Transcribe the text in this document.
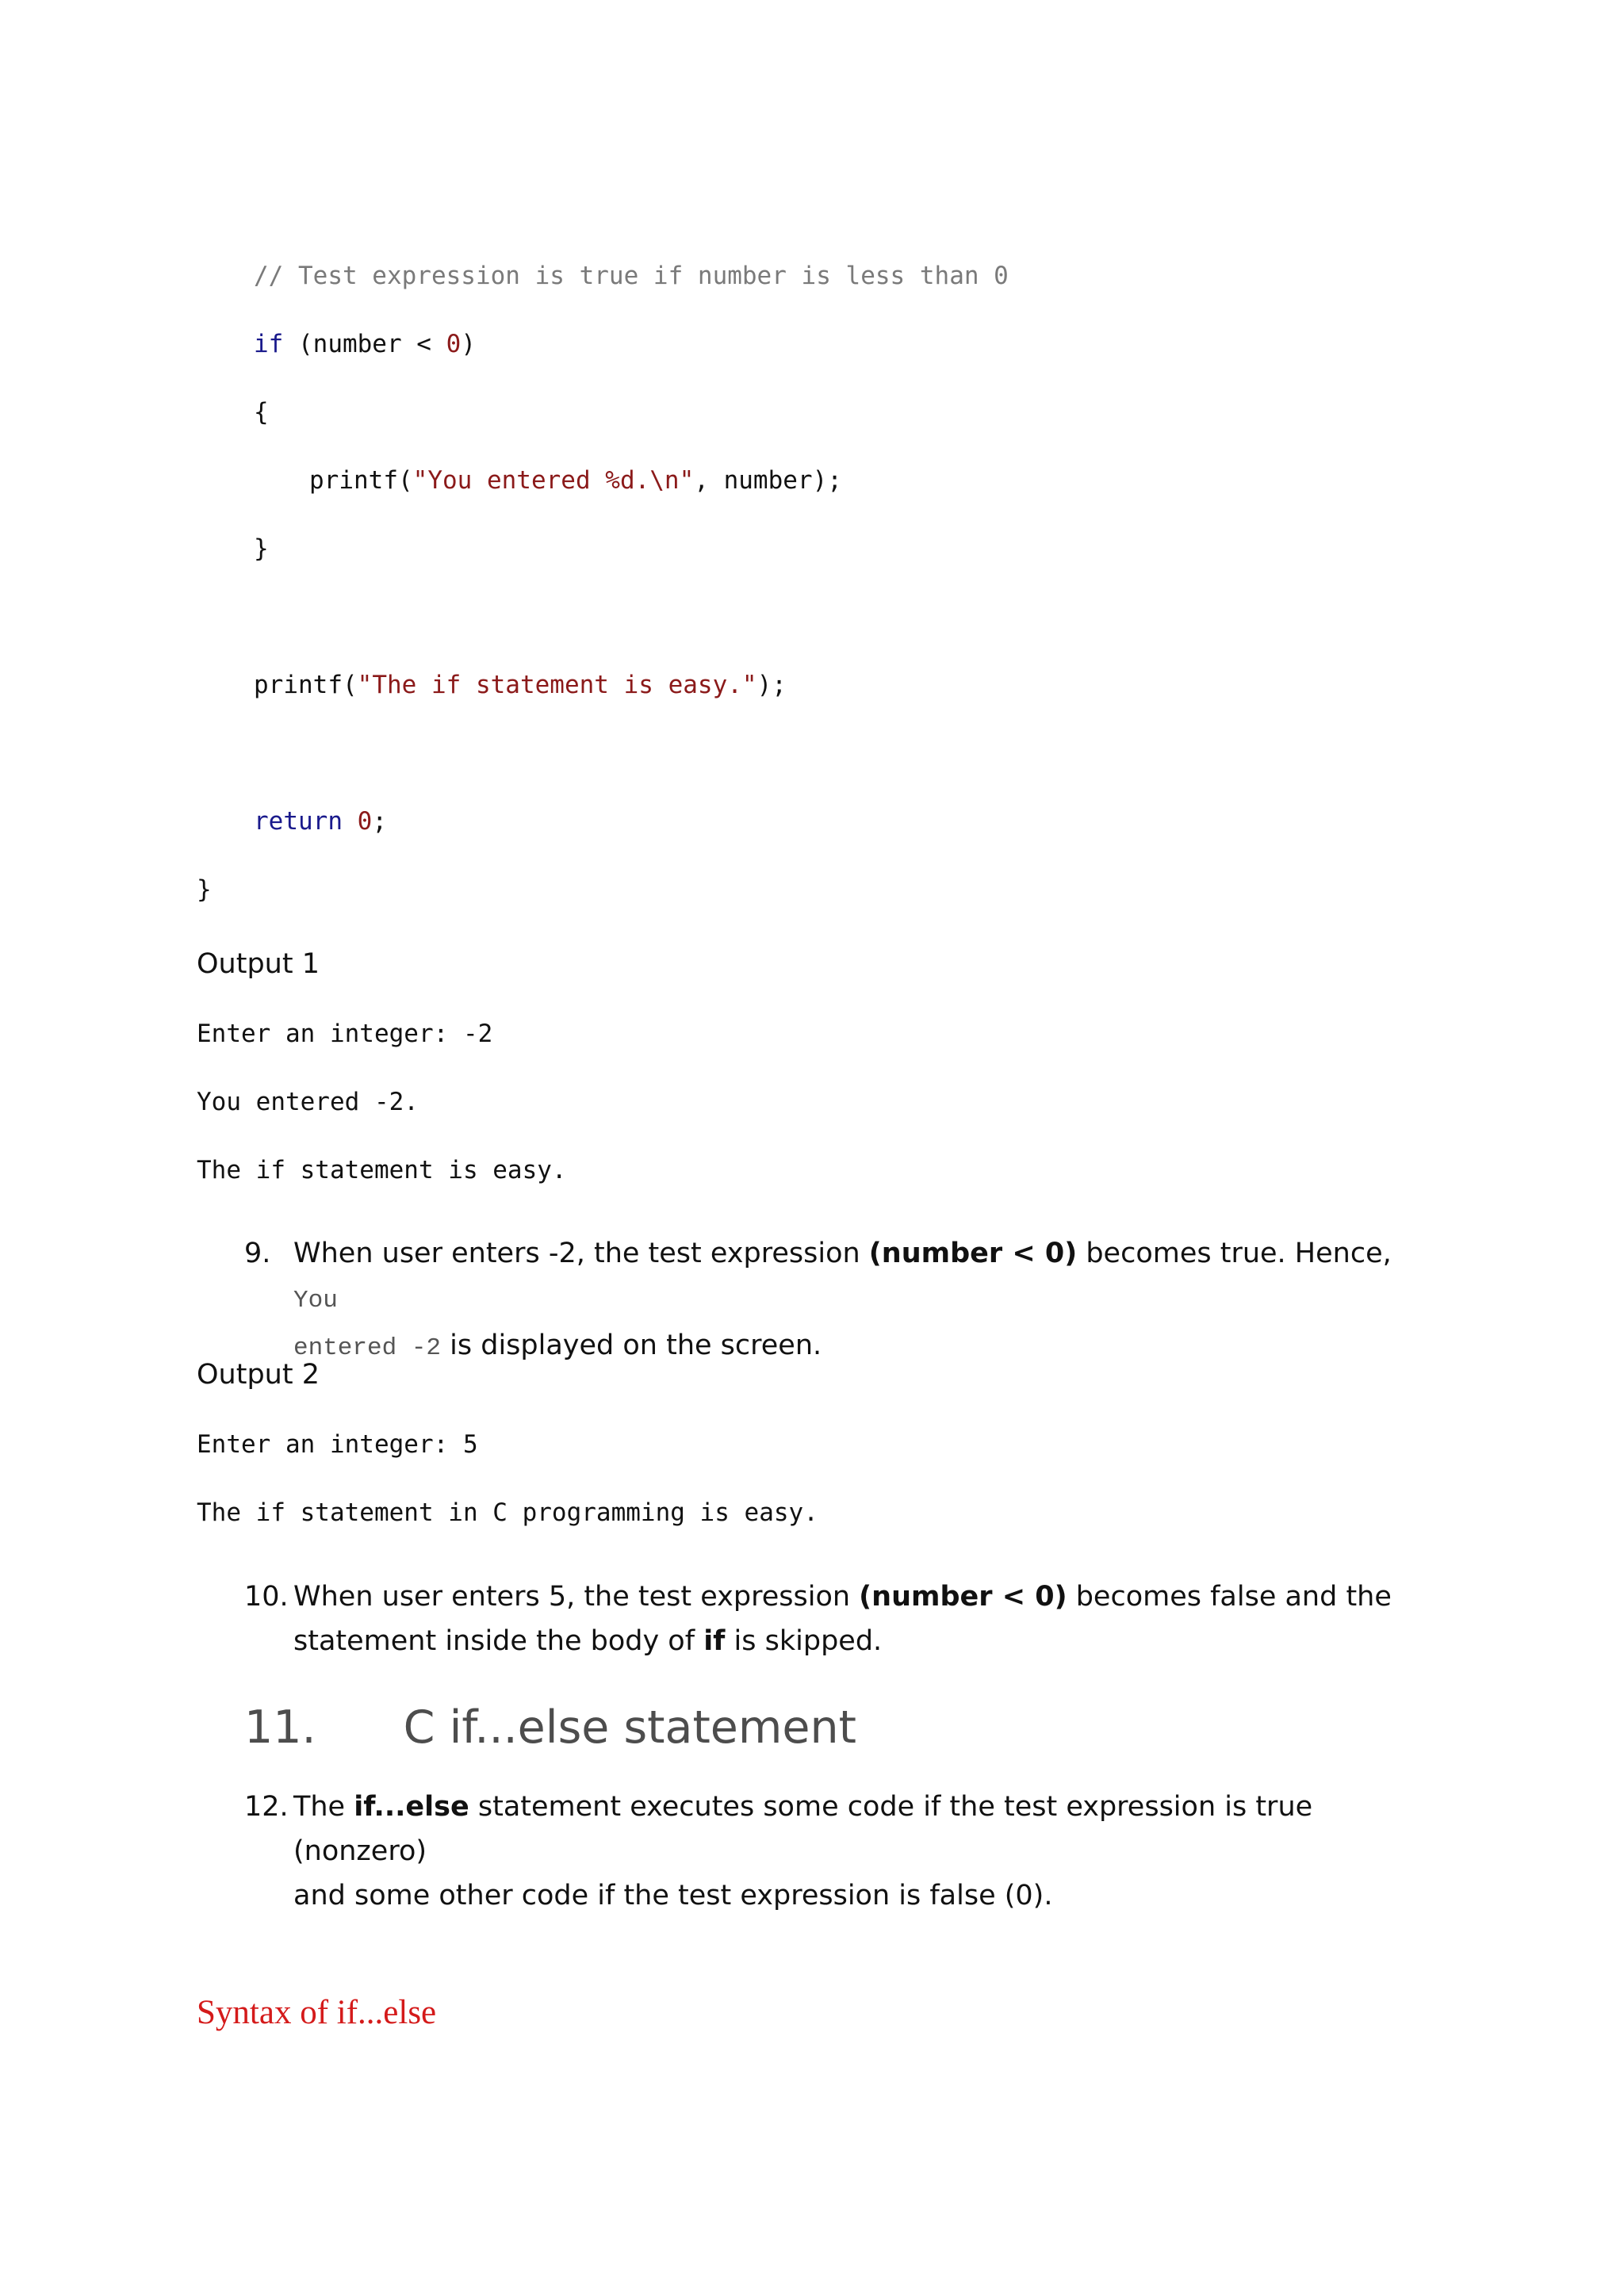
// Test expression is true if number is less than 0
if (number < 0)
{
printf("You entered %d.\n", number);
}
printf("The if statement is easy.");
return 0;
}
Output 1
Enter an integer: -2
You entered -2.
The if statement is easy.
9. When user enters -2, the test expression (number < 0) becomes true. Hence, You
entered -2 is displayed on the screen.
Output 2
Enter an integer: 5
The if statement in C programming is easy.
10. When user enters 5, the test expression (number < 0) becomes false and the
statement inside the body of if is skipped.
11. C if...else statement
12. The if...else statement executes some code if the test expression is true (nonzero)
and some other code if the test expression is false (0).
Syntax of if...else
